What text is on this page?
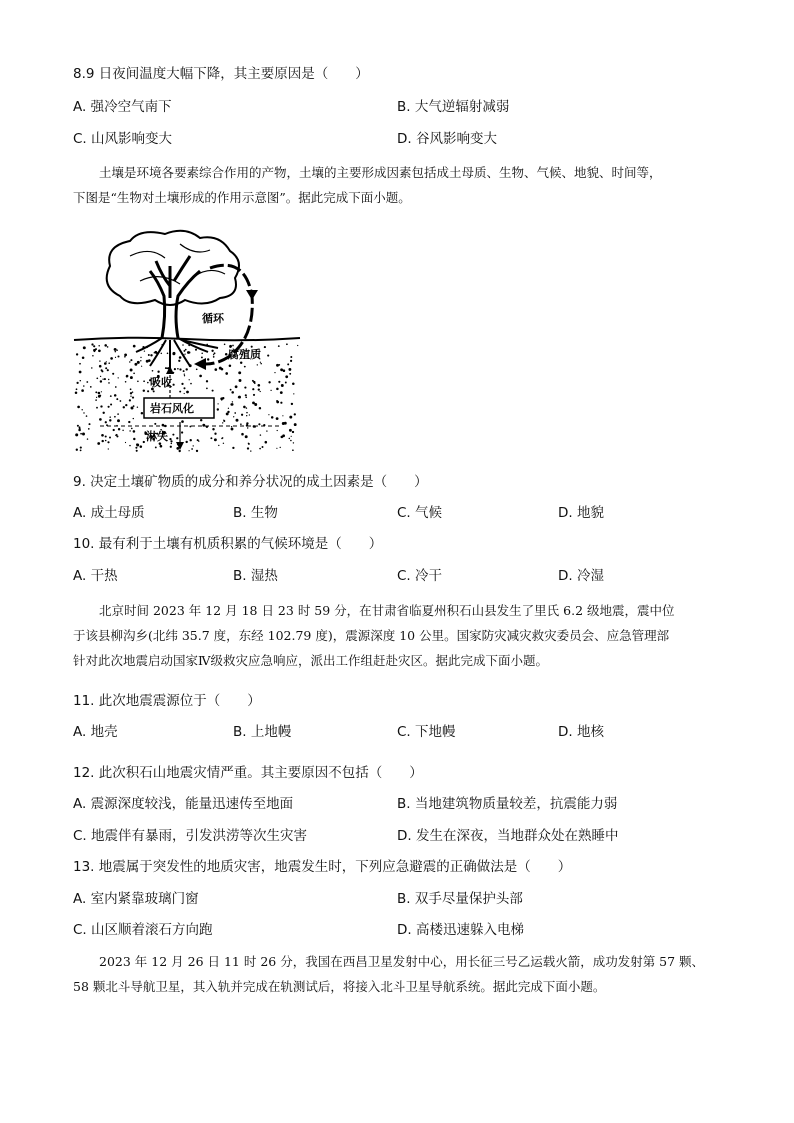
8.9 日夜间温度大幅下降，其主要原因是（　　）
A. 强冷空气南下	B. 大气逆辐射减弱
C. 山风影响变大	D. 谷风影响变大
土壤是环境各要素综合作用的产物，土壤的主要形成因素包括成土母质、生物、气候、地貌、时间等，
下图是“生物对土壤形成的作用示意图”。据此完成下面小题。
循环
腐殖质
吸收
岩石风化
淋失
9. 决定土壤矿物质的成分和养分状况的成土因素是（　　）
A. 成土母质	B. 生物	C. 气候	D. 地貌
10. 最有利于土壤有机质积累的气候环境是（　　）
A. 干热	B. 湿热	C. 冷干	D. 冷湿
北京时间 2023 年 12 月 18 日 23 时 59 分，在甘肃省临夏州积石山县发生了里氏 6.2 级地震，震中位
于该县柳沟乡(北纬 35.7 度，东经 102.79 度)，震源深度 10 公里。国家防灾减灾救灾委员会、应急管理部
针对此次地震启动国家Ⅳ级救灾应急响应，派出工作组赶赴灾区。据此完成下面小题。
11. 此次地震震源位于（　　）
A. 地壳	B. 上地幔	C. 下地幔	D. 地核
12. 此次积石山地震灾情严重。其主要原因不包括（　　）
A. 震源深度较浅，能量迅速传至地面	B. 当地建筑物质量较差，抗震能力弱
C. 地震伴有暴雨，引发洪涝等次生灾害	D. 发生在深夜，当地群众处在熟睡中
13. 地震属于突发性的地质灾害，地震发生时，下列应急避震的正确做法是（　　）
A. 室内紧靠玻璃门窗	B. 双手尽量保护头部
C. 山区顺着滚石方向跑	D. 高楼迅速躲入电梯
2023 年 12 月 26 日 11 时 26 分，我国在西昌卫星发射中心，用长征三号乙运载火箭，成功发射第 57 颗、
58 颗北斗导航卫星，其入轨并完成在轨测试后，将接入北斗卫星导航系统。据此完成下面小题。
